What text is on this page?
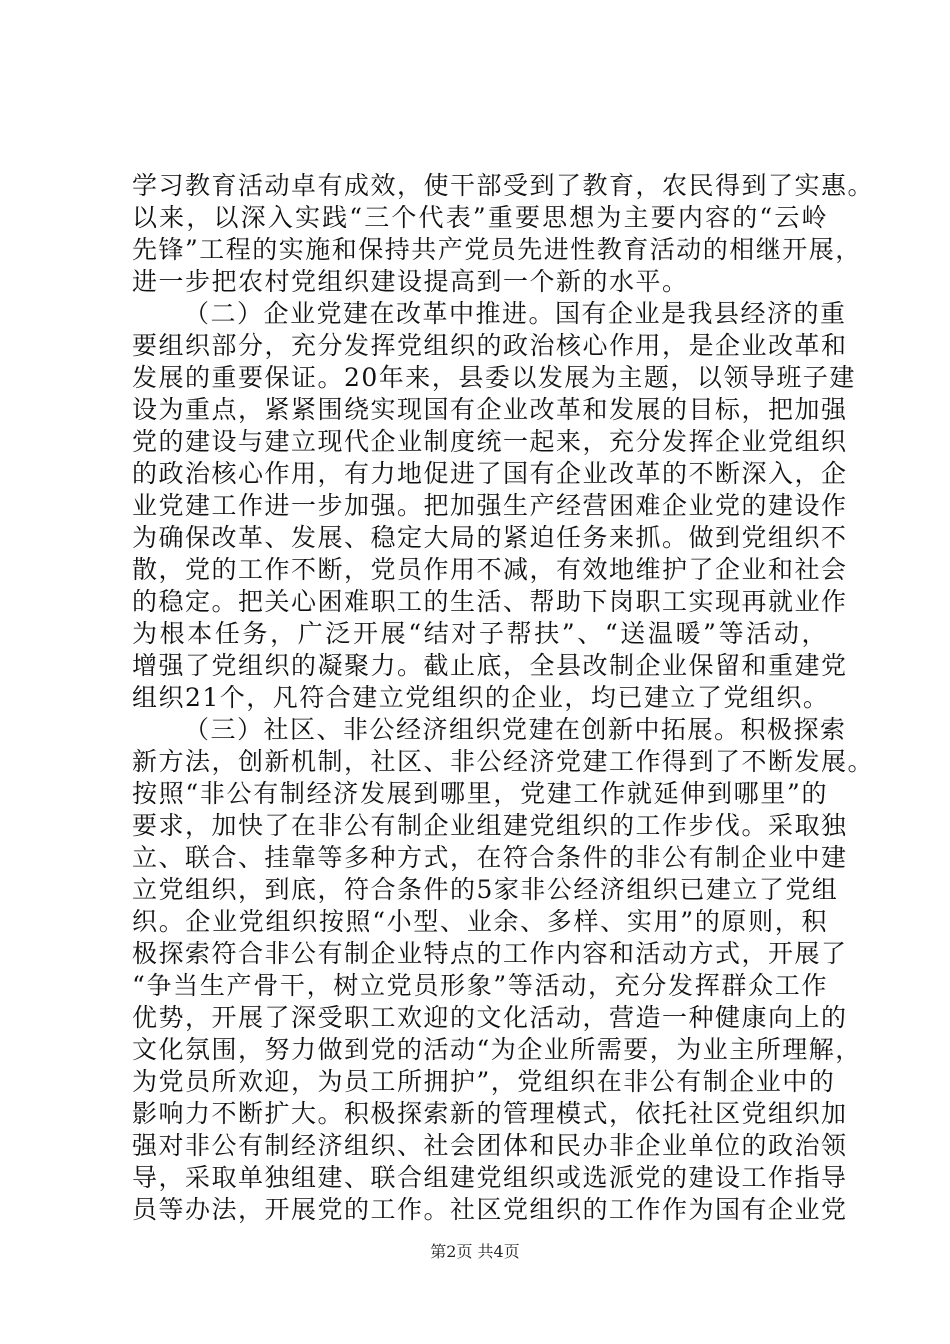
学习教育活动卓有成效，使干部受到了教育，农民得到了实惠。
以来，以深入实践“三个代表”重要思想为主要内容的“云岭
先锋”工程的实施和保持共产党员先进性教育活动的相继开展，
进一步把农村党组织建设提高到一个新的水平。
（二）企业党建在改革中推进。国有企业是我县经济的重
要组织部分，充分发挥党组织的政治核心作用，是企业改革和
发展的重要保证。20年来，县委以发展为主题，以领导班子建
设为重点，紧紧围绕实现国有企业改革和发展的目标，把加强
党的建设与建立现代企业制度统一起来，充分发挥企业党组织
的政治核心作用，有力地促进了国有企业改革的不断深入，企
业党建工作进一步加强。把加强生产经营困难企业党的建设作
为确保改革、发展、稳定大局的紧迫任务来抓。做到党组织不
散，党的工作不断，党员作用不减，有效地维护了企业和社会
的稳定。把关心困难职工的生活、帮助下岗职工实现再就业作
为根本任务，广泛开展“结对子帮扶”、“送温暖”等活动，
增强了党组织的凝聚力。截止底，全县改制企业保留和重建党
组织21个，凡符合建立党组织的企业，均已建立了党组织。
（三）社区、非公经济组织党建在创新中拓展。积极探索
新方法，创新机制，社区、非公经济党建工作得到了不断发展。
按照“非公有制经济发展到哪里，党建工作就延伸到哪里”的
要求，加快了在非公有制企业组建党组织的工作步伐。采取独
立、联合、挂靠等多种方式，在符合条件的非公有制企业中建
立党组织，到底，符合条件的5家非公经济组织已建立了党组
织。企业党组织按照“小型、业余、多样、实用”的原则，积
极探索符合非公有制企业特点的工作内容和活动方式，开展了
“争当生产骨干，树立党员形象”等活动，充分发挥群众工作
优势，开展了深受职工欢迎的文化活动，营造一种健康向上的
文化氛围，努力做到党的活动“为企业所需要，为业主所理解，
为党员所欢迎，为员工所拥护”，党组织在非公有制企业中的
影响力不断扩大。积极探索新的管理模式，依托社区党组织加
强对非公有制经济组织、社会团体和民办非企业单位的政治领
导，采取单独组建、联合组建党组织或选派党的建设工作指导
员等办法，开展党的工作。社区党组织的工作作为国有企业党
第2页 共4页
